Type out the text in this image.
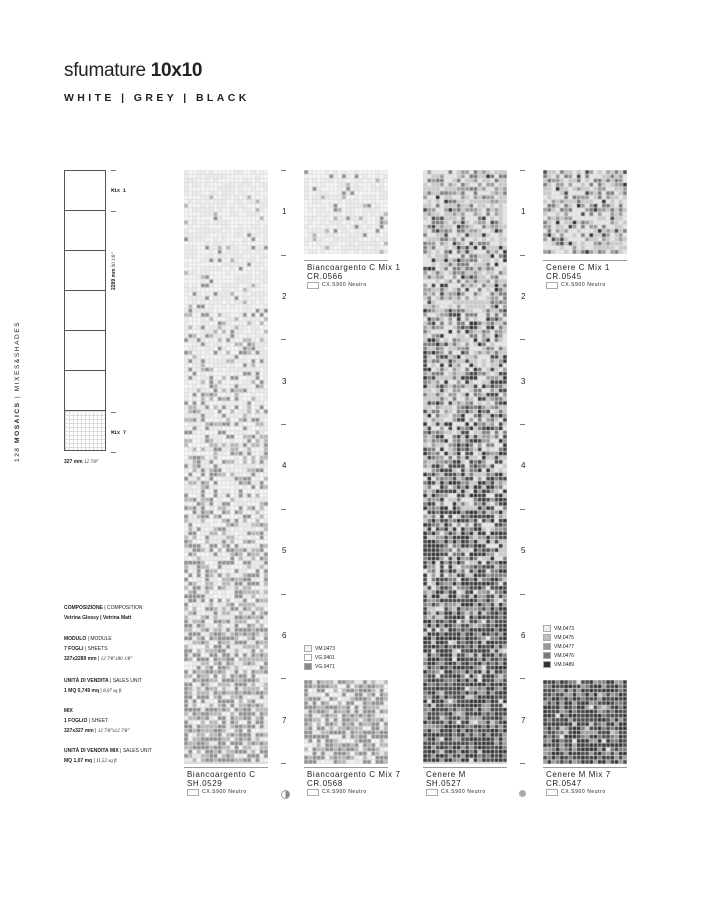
sfumature 10x10
WHITE | GREY | BLACK
128 MOSAICS | MIXES&SHADES
Mix 1
2289 mm 90 1/8"
Mix 7
327 mm 12 7/8"
COMPOSIZIONE | COMPOSITION
Vetrina Glossy | Vetrina Matt
MODULO | MODULE
7 FOGLI | SHEETS
327x2289 mm | 12 7/8"x90 1/8"
UNITÀ DI VENDITA | SALES UNIT
1 MQ 0,749 mq | 8,07 sq ft
MIX
1 FOGLIO | SHEET
327x327 mm | 12 7/8"x12 7/8"
UNITÀ DI VENDITA MIX | SALES UNIT
MQ 1,07 mq | 11,52 sq ft
1
2
3
4
5
6
7
1
2
3
4
5
6
7
Biancoargento C Mix 1
CR.0566
CX.S900 Neutro
Cenere C Mix 1
CR.0545
CX.S900 Neutro
Biancoargento C
SH.0529
CX.S900 Neutro
Biancoargento C Mix 7
CR.0568
CX.S900 Neutro
Cenere M
SH.0527
CX.S900 Neutro
Cenere M Mix 7
CR.0547
CX.S900 Neutro
VM.0473
VG.0401
VG.0471
VM.0473
VM.0475
VM.0477
VM.0476
VM.0489
